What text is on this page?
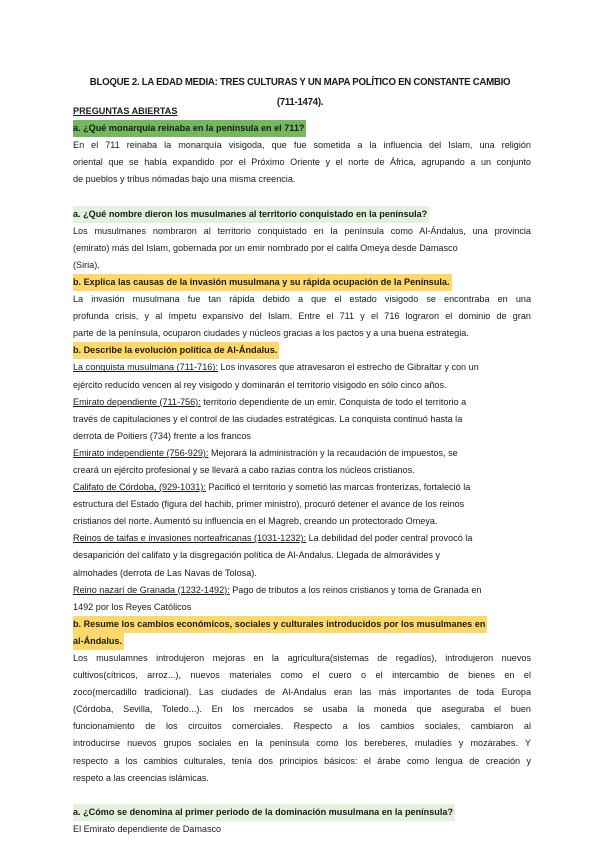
BLOQUE 2. LA EDAD MEDIA: TRES CULTURAS Y UN MAPA POLÍTICO EN CONSTANTE CAMBIO
(711-1474).
PREGUNTAS ABIERTAS
a. ¿Qué monarquía reinaba en la península en el 711?
En el 711 reinaba la monarquía visigoda, que fue sometida a la influencia del Islam, una religión
oriental que se había expandido por el Próximo Oriente y el norte de África, agrupando a un conjunto
de pueblos y tribus nómadas bajo una misma creencia.
a. ¿Qué nombre dieron los musulmanes al territorio conquistado en la península?
Los musulmanes nombraron al territorio conquistado en la península como Al-Ándalus, una provincia
(emirato) más del Islam, gobernada por un emir nombrado por el califa Omeya desde Damasco
(Siria).
b. Explica las causas de la invasión musulmana y su rápida ocupación de la Península.
La invasión musulmana fue tan rápida debido a que el estado visigodo se encontraba en una
profunda crisis, y al ímpetu expansivo del Islam. Entre el 711 y el 716 lograron el dominio de gran
parte de la península, ocuparon ciudades y núcleos gracias a los pactos y a una buena estrategia.
b. Describe la evolución política de Al-Ándalus.
La conquista musulmana (711-716): Los invasores que atravesaron el estrecho de Gibraltar y con un
ejército reducido vencen al rey visigodo y dominarán el territorio visigodo en sólo cinco años.
Emirato dependiente (711-756): territorio dependiente de un emir. Conquista de todo el territorio a
través de capitulaciones y el control de las ciudades estratégicas. La conquista continuó hasta la
derrota de Poitiers (734) frente a los francos
Emirato independiente (756-929): Mejorará la administración y la recaudación de impuestos, se
creará un ejército profesional y se llevará a cabo razias contra los núcleos cristianos.
Califato de Córdoba, (929-1031): Pacificó el territorio y sometió las marcas fronterizas, fortaleció la
estructura del Estado (figura del hachib, primer ministro), procuró detener el avance de los reinos
cristianos del norte. Aumentó su influencia en el Magreb, creando un protectorado Omeya.
Reinos de taifas e invasiones norteafricanas (1031-1232): La debilidad del poder central provocó la
desaparición del califato y la disgregación política de Al-Andalus. Llegada de almorávides y
almohades (derrota de Las Navas de Tolosa).
Reino nazarí de Granada (1232-1492): Pago de tributos a los reinos cristianos y toma de Granada en
1492 por los Reyes Católicos
b. Resume los cambios económicos, sociales y culturales introducidos por los musulmanes en
al-Ándalus.
Los musulamnes introdujeron mejoras en la agricultura(sistemas de regadíos), introdujeron nuevos
cultivos(cítricos, arroz...), nuevos materiales como el cuero o el intercambio de bienes en el
zoco(mercadillo tradicional). Las ciudades de Al-Andalus eran las más importantes de toda Europa
(Córdoba, Sevilla, Toledo...). En los mercados se usaba la moneda que aseguraba el buen
funcionamiento de los circuitos comerciales. Respecto a los cambios sociales, cambiaron al
introducirse nuevos grupos sociales en la península como los bereberes, muladíes y mozárabes. Y
respecto a los cambios culturales, tenía dos principios básicos: el árabe como lengua de creación y
respeto a las creencias islámicas.
a. ¿Cómo se denomina al primer periodo de la dominación musulmana en la península?
El Emirato dependiente de Damasco
